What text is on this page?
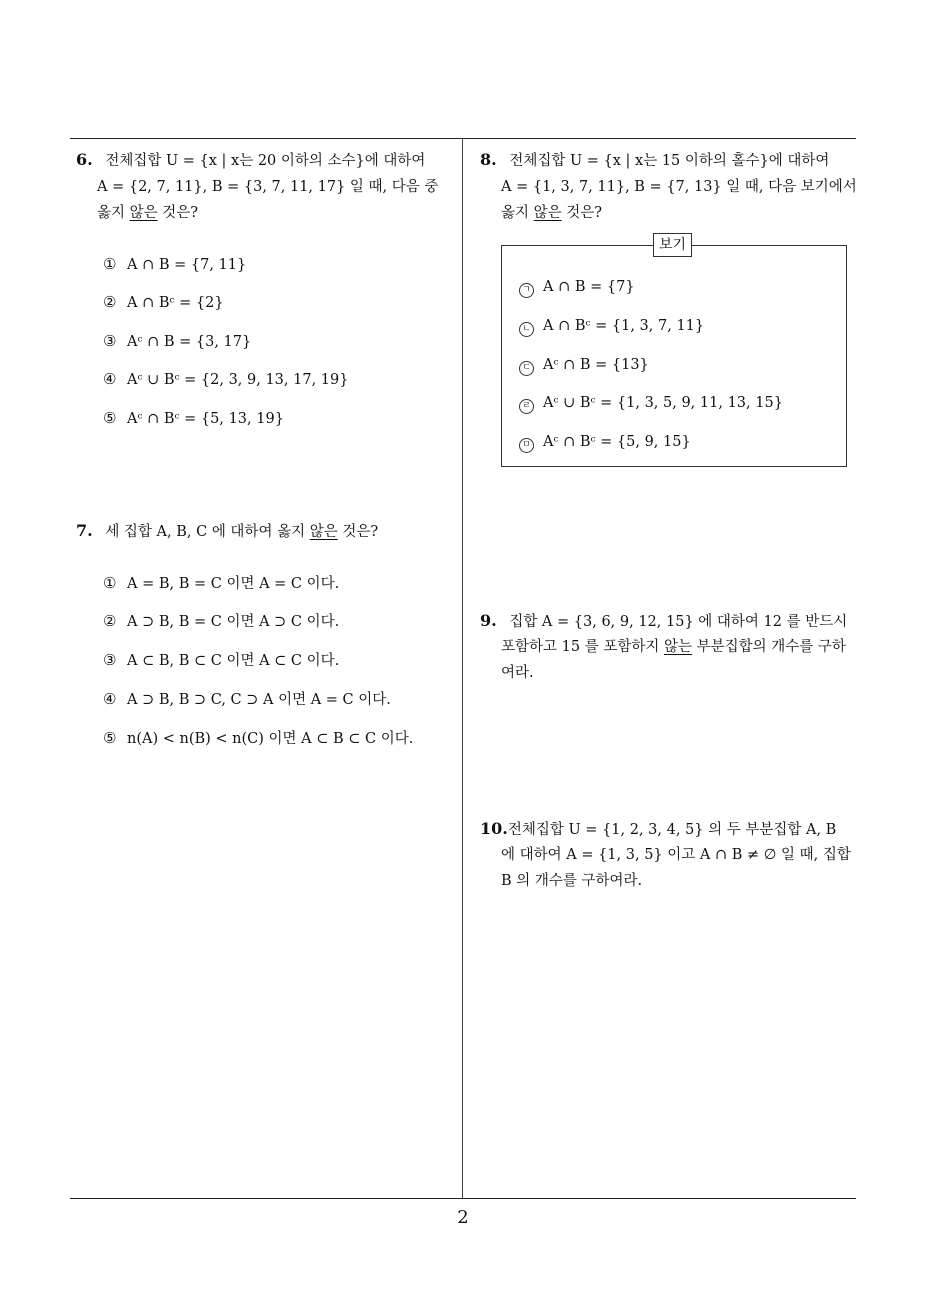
6. 전체집합 U = {x | x는 20 이하의 소수}에 대하여
A = {2, 7, 11}, B = {3, 7, 11, 17} 일 때, 다음 중
옳지 않은 것은?
① A ∩ B = {7, 11}
② A ∩ Bᶜ = {2}
③ Aᶜ ∩ B = {3, 17}
④ Aᶜ ∪ Bᶜ = {2, 3, 9, 13, 17, 19}
⑤ Aᶜ ∩ Bᶜ = {5, 13, 19}
7. 세 집합 A, B, C 에 대하여 옳지 않은 것은?
① A = B, B = C 이면 A = C 이다.
② A ⊃ B, B = C 이면 A ⊃ C 이다.
③ A ⊂ B, B ⊂ C 이면 A ⊂ C 이다.
④ A ⊃ B, B ⊃ C, C ⊃ A 이면 A = C 이다.
⑤ n(A) < n(B) < n(C) 이면 A ⊂ B ⊂ C 이다.
8. 전체집합 U = {x | x는 15 이하의 홀수}에 대하여
A = {1, 3, 7, 11}, B = {7, 13} 일 때, 다음 보기에서
옳지 않은 것은?
보기
ㄱ A ∩ B = {7}
ㄴ A ∩ Bᶜ = {1, 3, 7, 11}
ㄷ Aᶜ ∩ B = {13}
ㄹ Aᶜ ∪ Bᶜ = {1, 3, 5, 9, 11, 13, 15}
ㅁ Aᶜ ∩ Bᶜ = {5, 9, 15}
9. 집합 A = {3, 6, 9, 12, 15} 에 대하여 12 를 반드시
포함하고 15 를 포함하지 않는 부분집합의 개수를 구하
여라.
10.전체집합 U = {1, 2, 3, 4, 5} 의 두 부분집합 A, B
에 대하여 A = {1, 3, 5} 이고 A ∩ B ≠ ∅ 일 때, 집합
B 의 개수를 구하여라.
2
